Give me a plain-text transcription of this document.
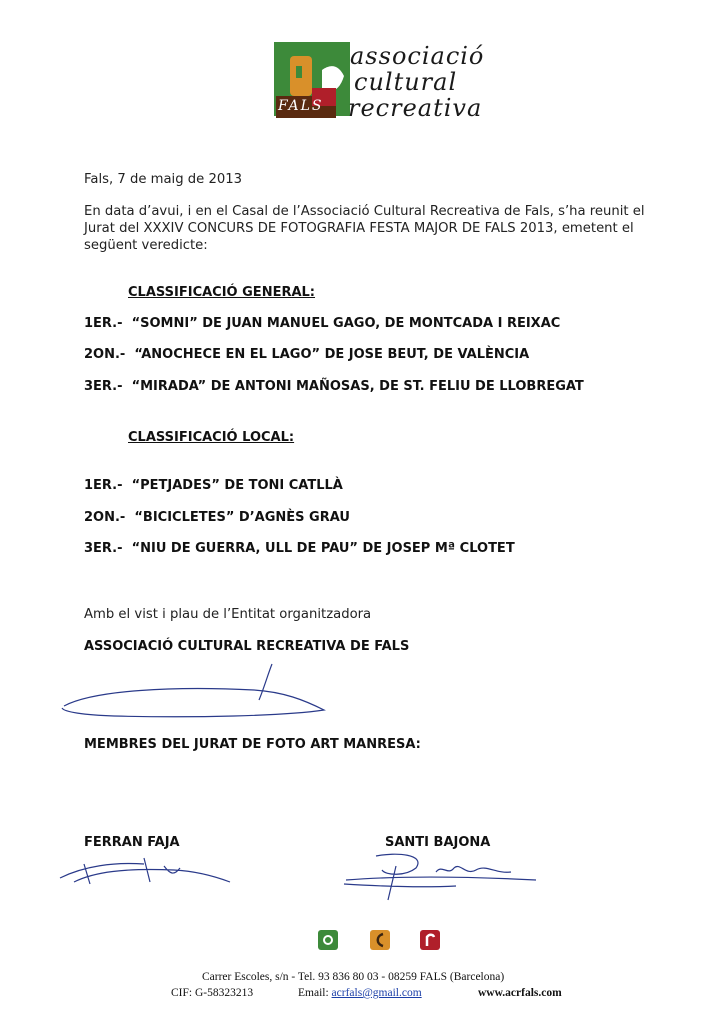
FALS
associació
cultural
recreativa
Fals, 7 de maig de 2013
En data d’avui, i en el Casal de l’Associació Cultural Recreativa de Fals, s’ha reunit el
Jurat del XXXIV CONCURS DE FOTOGRAFIA FESTA MAJOR DE FALS 2013, emetent el
següent veredicte:
CLASSIFICACIÓ GENERAL:
1ER.- “SOMNI” DE JUAN MANUEL GAGO, DE MONTCADA I REIXAC
2ON.- “ANOCHECE EN EL LAGO” DE JOSE BEUT, DE VALÈNCIA
3ER.- “MIRADA” DE ANTONI MAÑOSAS, DE ST. FELIU DE LLOBREGAT
CLASSIFICACIÓ LOCAL:
1ER.- “PETJADES” DE TONI CATLLÀ
2ON.- “BICICLETES” D’AGNÈS GRAU
3ER.- “NIU DE GUERRA, ULL DE PAU” DE JOSEP Mª CLOTET
Amb el vist i plau de l’Entitat organitzadora
ASSOCIACIÓ CULTURAL RECREATIVA DE FALS
MEMBRES DEL JURAT DE FOTO ART MANRESA:
FERRAN FAJA	SANTI BAJONA
Carrer Escoles, s/n - Tel. 93 836 80 03 - 08259 FALS (Barcelona)
CIF: G-58323213	Email: acrfals@gmail.com	www.acrfals.com
